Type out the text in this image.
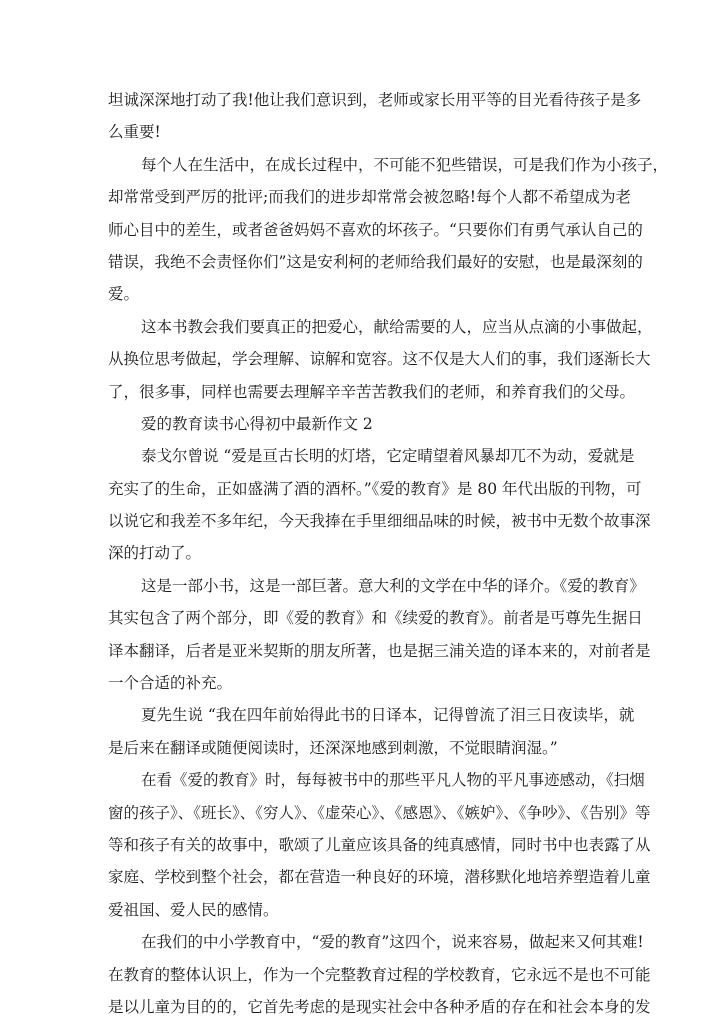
坦诚深深地打动了我!他让我们意识到，老师或家长用平等的目光看待孩子是多
么重要!
每个人在生活中，在成长过程中，不可能不犯些错误，可是我们作为小孩子，
却常常受到严厉的批评;而我们的进步却常常会被忽略!每个人都不希望成为老
师心目中的差生，或者爸爸妈妈不喜欢的坏孩子。“只要你们有勇气承认自己的
错误，我绝不会责怪你们”这是安利柯的老师给我们最好的安慰，也是最深刻的
爱。
这本书教会我们要真正的把爱心，献给需要的人，应当从点滴的小事做起，
从换位思考做起，学会理解、谅解和宽容。这不仅是大人们的事，我们逐渐长大
了，很多事，同样也需要去理解辛辛苦苦教我们的老师，和养育我们的父母。
爱的教育读书心得初中最新作文 2
泰戈尔曾说 “爱是亘古长明的灯塔，它定晴望着风暴却兀不为动，爱就是
充实了的生命，正如盛满了酒的酒杯。”《爱的教育》是 80 年代出版的刊物，可
以说它和我差不多年纪，今天我捧在手里细细品味的时候，被书中无数个故事深
深的打动了。
这是一部小书，这是一部巨著。意大利的文学在中华的译介。《爱的教育》
其实包含了两个部分，即《爱的教育》和《续爱的教育》。前者是丐尊先生据日
译本翻译，后者是亚米契斯的朋友所著，也是据三浦关造的译本来的，对前者是
一个合适的补充。
夏先生说 “我在四年前始得此书的日译本，记得曾流了泪三日夜读毕，就
是后来在翻译或随便阅读时，还深深地感到刺激，不觉眼睛润湿。”
在看《爱的教育》时，每每被书中的那些平凡人物的平凡事迹感动，《扫烟
窗的孩子》、《班长》、《穷人》、《虚荣心》、《感恩》、《嫉妒》、《争吵》、《告别》等
等和孩子有关的故事中，歌颂了儿童应该具备的纯真感情，同时书中也表露了从
家庭、学校到整个社会，都在营造一种良好的环境，潜移默化地培养塑造着儿童
爱祖国、爱人民的感情。
在我们的中小学教育中，“爱的教育”这四个，说来容易，做起来又何其难!
在教育的整体认识上，作为一个完整教育过程的学校教育，它永远不是也不可能
是以儿童为目的的，它首先考虑的是现实社会中各种矛盾的存在和社会本身的发
